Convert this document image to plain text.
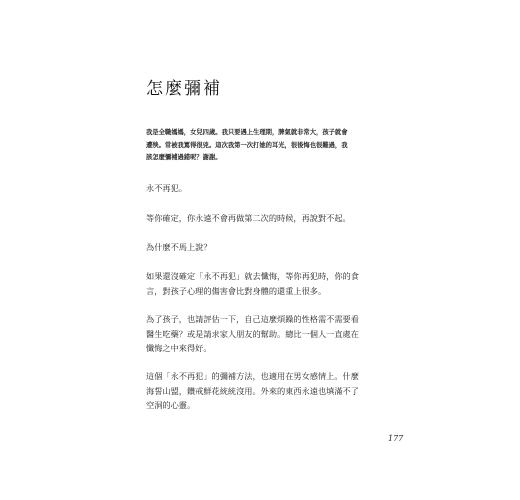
怎麼彌補
我是全職媽媽，女兒四歲。我只要遇上生理期，脾氣就非常大，孩子就會
遭殃。常被我罵得很兇。這次我第一次打她的耳光，很後悔也很難過，我
該怎麼彌補過錯呢？謝謝。
永不再犯。
等你確定，你永遠不會再做第二次的時候，再說對不起。
為什麼不馬上說？
如果還沒確定「永不再犯」就去懺悔，等你再犯時，你的食
言，對孩子心理的傷害會比對身體的還重上很多。
為了孩子，也請評估一下，自己這麼煩躁的性格需不需要看
醫生吃藥？或是請求家人朋友的幫助。總比一個人一直處在
懺悔之中來得好。
這個「永不再犯」的彌補方法，也適用在男女感情上。什麼
海誓山盟，鑽戒鮮花統統沒用。外來的東西永遠也填滿不了
空洞的心靈。
177
